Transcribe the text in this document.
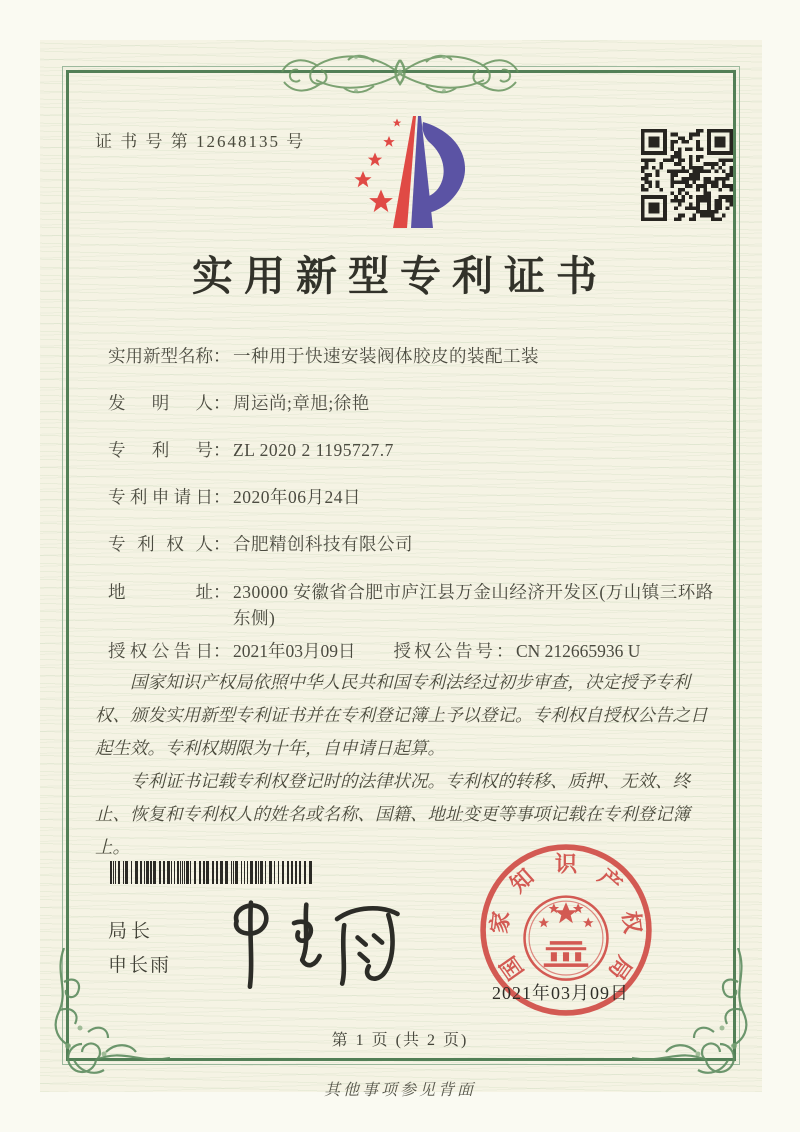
证 书 号 第 12648135 号
实用新型专利证书
实用新型名称 ： 一种用于快速安装阀体胶皮的装配工装
发明人 ： 周运尚;章旭;徐艳
专利号 ： ZL 2020 2 1195727.7
专利申请日 ： 2020年06月24日
专利权人 ： 合肥精创科技有限公司
地址 ： 230000 安徽省合肥市庐江县万金山经济开发区(万山镇三环路东侧)
授权公告日 ： 2021年03月09日 授权公告号 ： CN 212665936 U

国家知识产权局依照中华人民共和国专利法经过初步审查，决定授予专利权、颁发实用新型专利证书并在专利登记簿上予以登记。专利权自授权公告之日起生效。专利权期限为十年，自申请日起算。

专利证书记载专利权登记时的法律状况。专利权的转移、质押、无效、终止、恢复和专利权人的姓名或名称、国籍、地址变更等事项记载在专利登记簿上。

局长
申长雨	国
家
知
识
产
权
局
2021年03月09日
第 1 页 (共 2 页)
其他事项参见背面
